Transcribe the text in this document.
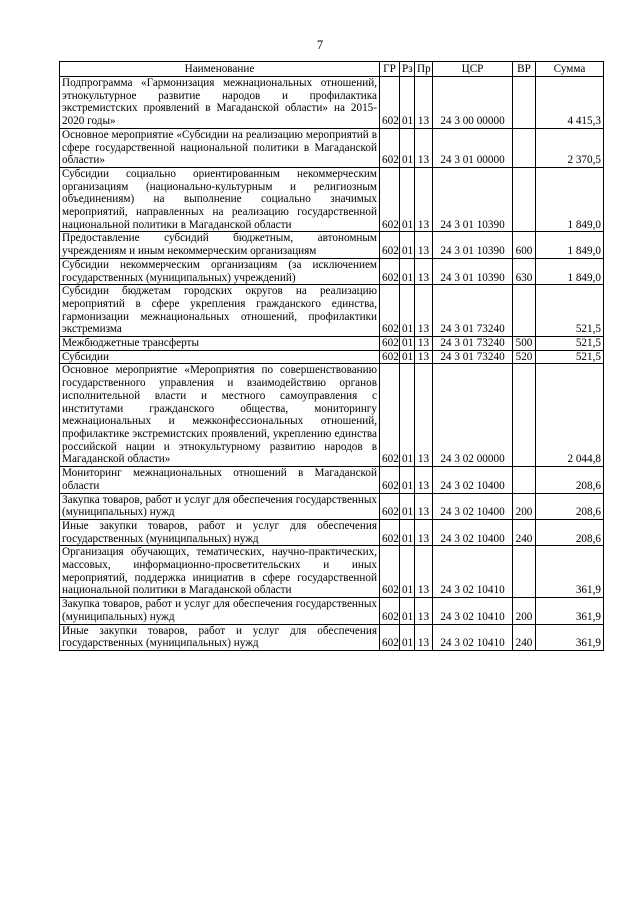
7
Наименование	ГР	Рз	Пр	ЦСР	ВР	Сумма
Подпрограмма «Гармонизация межнациональных отношений, этнокультурное развитие народов и профилактика экстремистских проявлений в Магаданской области» на 2015-2020 годы»	602	01	13	24 3 00 00000		4 415,3
Основное мероприятие «Субсидии на реализацию мероприятий в сфере государственной национальной политики в Магаданской области»	602	01	13	24 3 01 00000		2 370,5
Субсидии социально ориентированным некоммерческим организациям (национально-культурным и религиозным объединениям) на выполнение социально значимых мероприятий, направленных на реализацию государственной национальной политики в Магаданской области	602	01	13	24 3 01 10390		1 849,0
Предоставление субсидий бюджетным, автономным учреждениям и иным некоммерческим организациям	602	01	13	24 3 01 10390	600	1 849,0
Субсидии некоммерческим организациям (за исключением государственных (муниципальных) учреждений)	602	01	13	24 3 01 10390	630	1 849,0
Субсидии бюджетам городских округов на реализацию мероприятий в сфере укрепления гражданского единства, гармонизации межнациональных отношений, профилактики экстремизма	602	01	13	24 3 01 73240		521,5
Межбюджетные трансферты	602	01	13	24 3 01 73240	500	521,5
Субсидии	602	01	13	24 3 01 73240	520	521,5
Основное мероприятие «Мероприятия по совершенствованию государственного управления и взаимодействию органов исполнительной власти и местного самоуправления с институтами гражданского общества, мониторингу межнациональных и межконфессиональных отношений, профилактике экстремистских проявлений, укреплению единства российской нации и этнокультурному развитию народов в Магаданской области»	602	01	13	24 3 02 00000		2 044,8
Мониторинг межнациональных отношений в Магаданской области	602	01	13	24 3 02 10400		208,6
Закупка товаров, работ и услуг для обеспечения государственных (муниципальных) нужд	602	01	13	24 3 02 10400	200	208,6
Иные закупки товаров, работ и услуг для обеспечения государственных (муниципальных) нужд	602	01	13	24 3 02 10400	240	208,6
Организация обучающих, тематических, научно-практических, массовых, информационно-просветительских и иных мероприятий, поддержка инициатив в сфере государственной национальной политики в Магаданской области	602	01	13	24 3 02 10410		361,9
Закупка товаров, работ и услуг для обеспечения государственных (муниципальных) нужд	602	01	13	24 3 02 10410	200	361,9
Иные закупки товаров, работ и услуг для обеспечения государственных (муниципальных) нужд	602	01	13	24 3 02 10410	240	361,9
